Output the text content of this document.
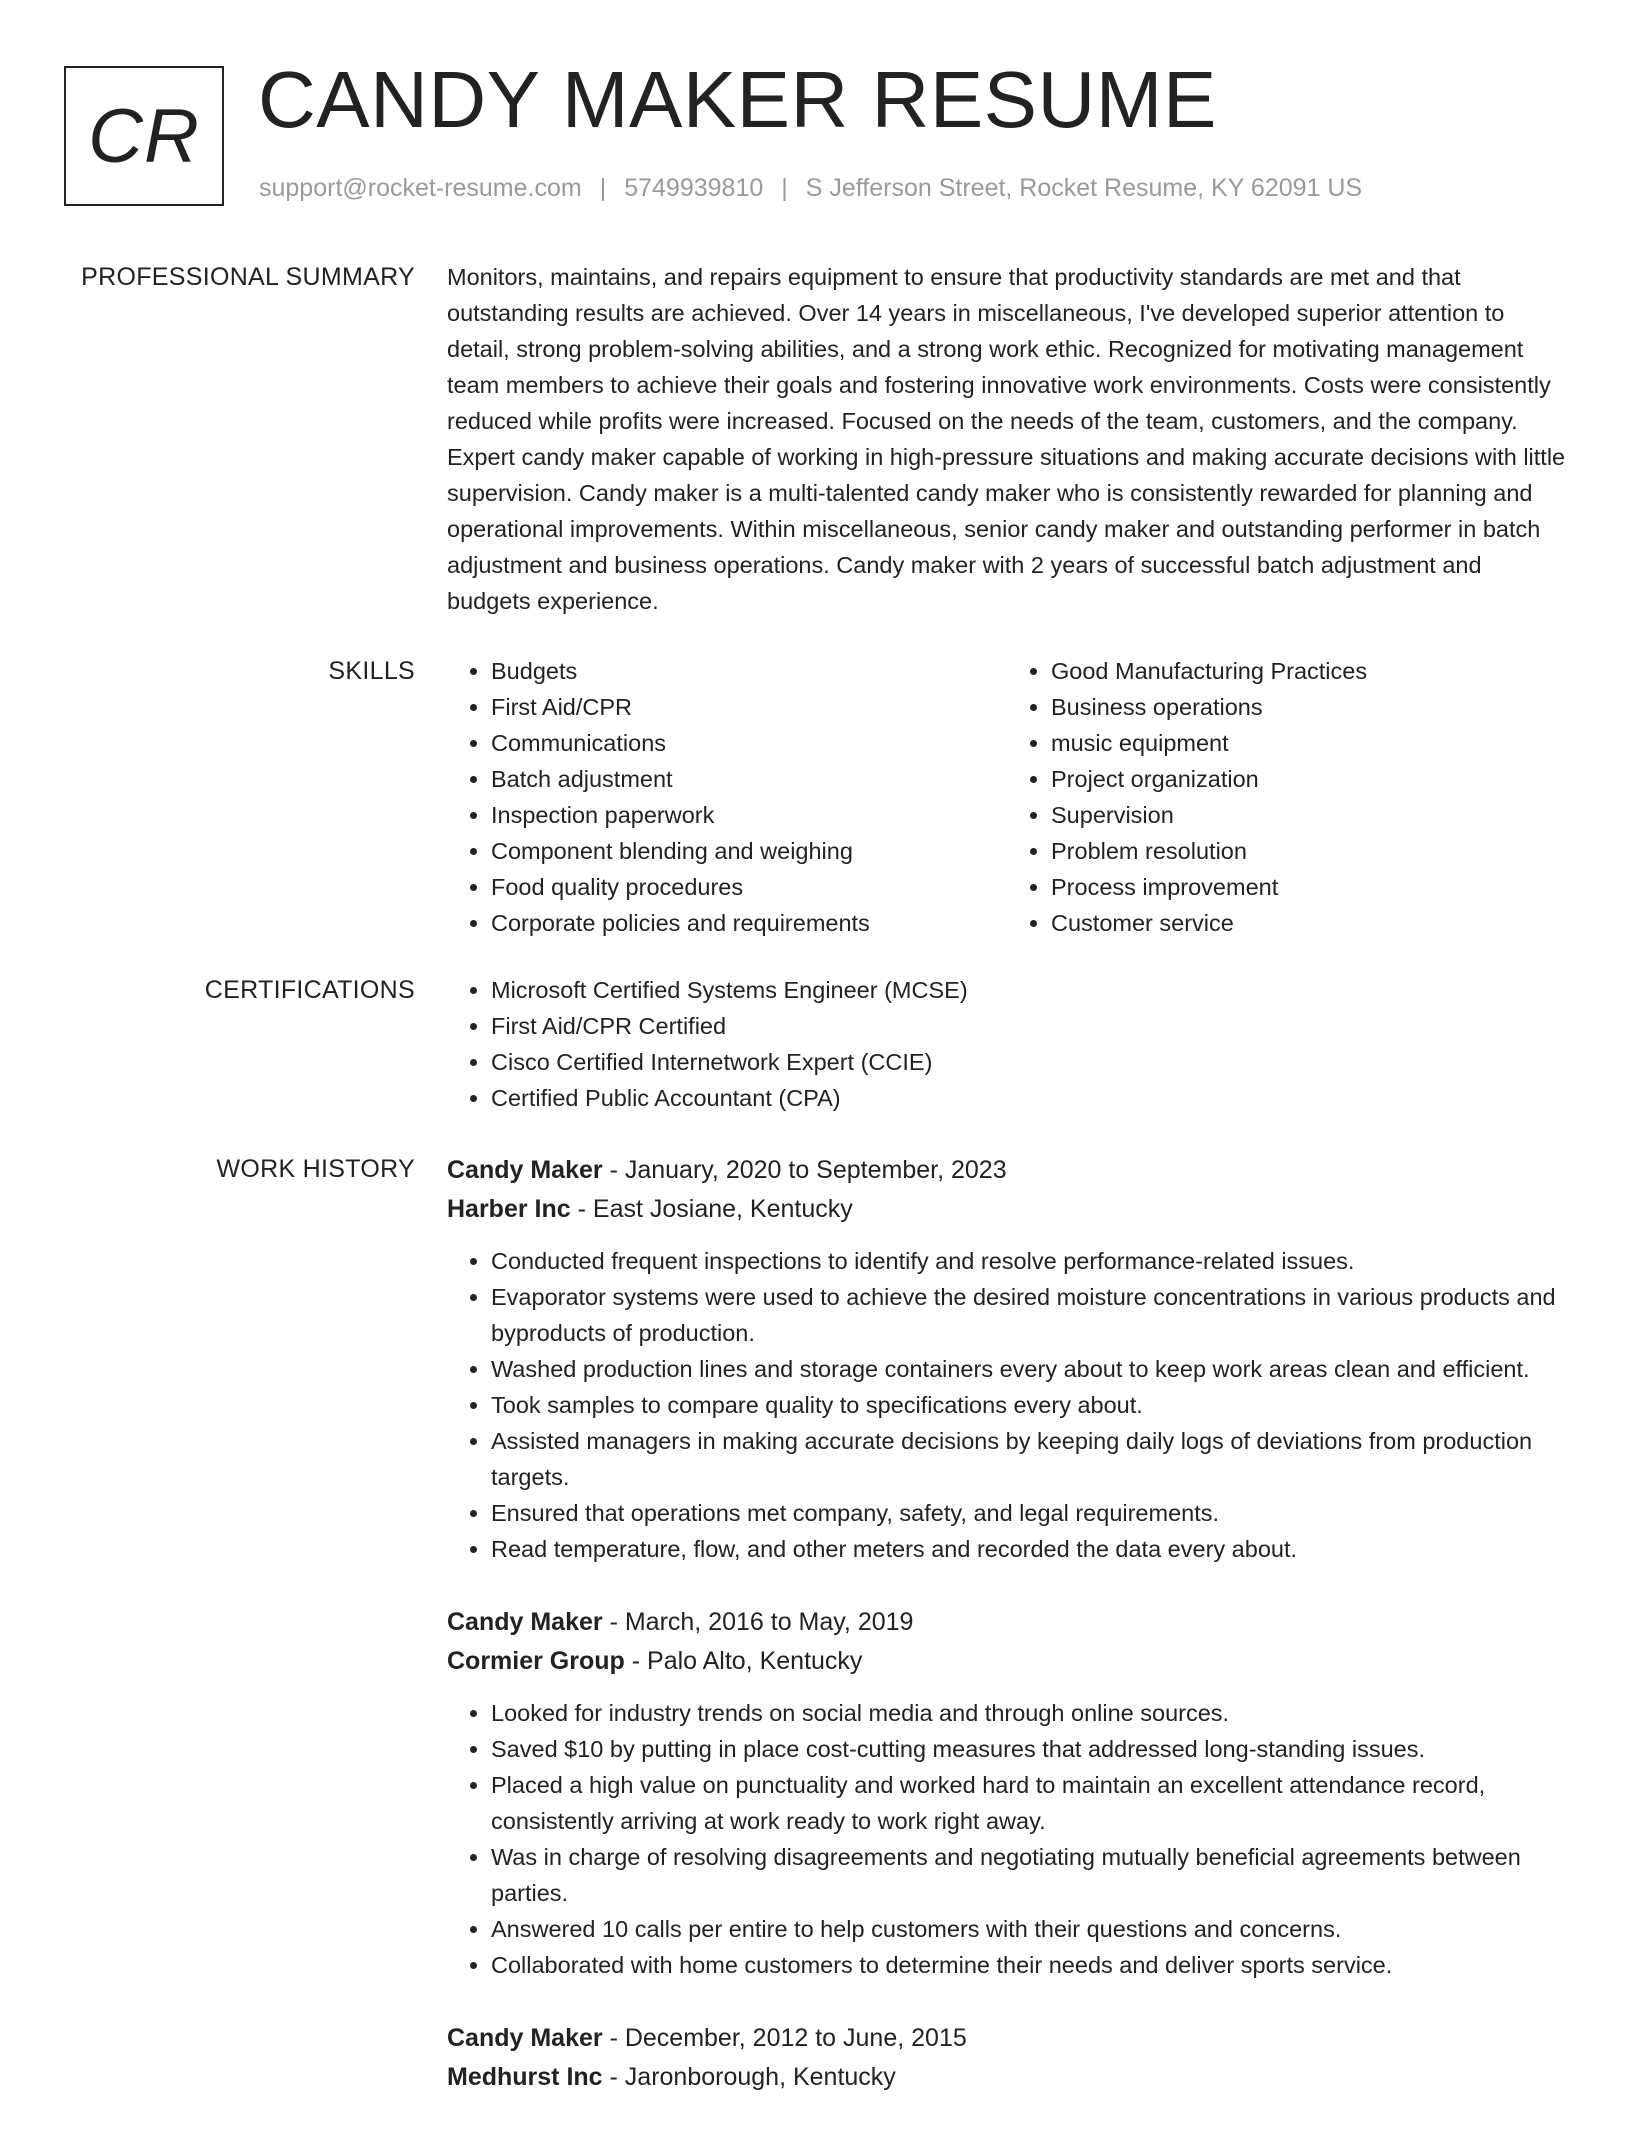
CR CANDY MAKER RESUME
support@rocket-resume.com | 5749939810 | S Jefferson Street, Rocket Resume, KY 62091 US
PROFESSIONAL SUMMARY Monitors, maintains, and repairs equipment to ensure that productivity standards are met and that outstanding results are achieved. Over 14 years in miscellaneous, I've developed superior attention to detail, strong problem-solving abilities, and a strong work ethic. Recognized for motivating management team members to achieve their goals and fostering innovative work environments. Costs were consistently reduced while profits were increased. Focused on the needs of the team, customers, and the company. Expert candy maker capable of working in high-pressure situations and making accurate decisions with little supervision. Candy maker is a multi-talented candy maker who is consistently rewarded for planning and operational improvements. Within miscellaneous, senior candy maker and outstanding performer in batch adjustment and business operations. Candy maker with 2 years of successful batch adjustment and budgets experience.

SKILLS	• Budgets
• First Aid/CPR
• Communications
• Batch adjustment
• Inspection paperwork
• Component blending and weighing
• Food quality procedures
• Corporate policies and requirements
• Good Manufacturing Practices
• Business operations
• music equipment
• Project organization
• Supervision
• Problem resolution
• Process improvement
• Customer service
CERTIFICATIONS	• Microsoft Certified Systems Engineer (MCSE)
• First Aid/CPR Certified
• Cisco Certified Internetwork Expert (CCIE)
• Certified Public Accountant (CPA)
WORK HISTORY Candy Maker - January, 2020 to September, 2023
Harber Inc - East Josiane, Kentucky
• Conducted frequent inspections to identify and resolve performance-related issues.
• Evaporator systems were used to achieve the desired moisture concentrations in various products and byproducts of production.
• Washed production lines and storage containers every about to keep work areas clean and efficient.
• Took samples to compare quality to specifications every about.
• Assisted managers in making accurate decisions by keeping daily logs of deviations from production targets.
• Ensured that operations met company, safety, and legal requirements.
• Read temperature, flow, and other meters and recorded the data every about.
Candy Maker - March, 2016 to May, 2019
Cormier Group - Palo Alto, Kentucky
• Looked for industry trends on social media and through online sources.
• Saved $10 by putting in place cost-cutting measures that addressed long-standing issues.
• Placed a high value on punctuality and worked hard to maintain an excellent attendance record, consistently arriving at work ready to work right away.
• Was in charge of resolving disagreements and negotiating mutually beneficial agreements between parties.
• Answered 10 calls per entire to help customers with their questions and concerns.
• Collaborated with home customers to determine their needs and deliver sports service.
Candy Maker - December, 2012 to June, 2015
Medhurst Inc - Jaronborough, Kentucky
